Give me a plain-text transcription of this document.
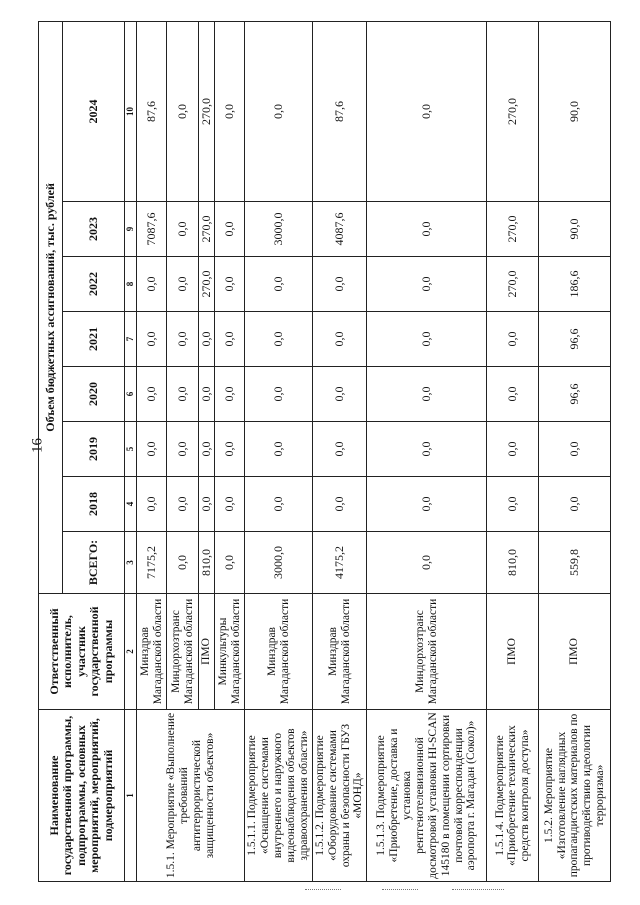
16
Наименование государственной программы, подпрограммы, основных мероприятий, мероприятий, подмероприятий	Ответственный исполнитель, участник государственной программы	Объем бюджетных ассигнований, тыс. рублей							
		ВСЕГО:	2018	2019	2020	2021	2022	2023	2024
1	2	3	4	5	6	7	8	9	10
1.5.1. Мероприятие «Выполнение требований антитеррористической защищенности объектов»	Минздрав Магаданской области	7175,2	0,0	0,0	0,0	0,0	0,0	7087,6	87,6
	Миндорхозтранс Магаданской области	0,0	0,0	0,0	0,0	0,0	0,0	0,0	0,0
	ПМО	810,0	0,0	0,0	0,0	0,0	270,0	270,0	270,0
	Минкультуры Магаданской области	0,0	0,0	0,0	0,0	0,0	0,0	0,0	0,0
1.5.1.1. Подмероприятие «Оснащение системами внутреннего и наружного видеонаблюдения объектов здравоохранения области»	Минздрав Магаданской области	3000,0	0,0	0,0	0,0	0,0	0,0	3000,0	0,0
1.5.1.2. Подмероприятие «Оборудование системами охраны и безопасности ГБУЗ «МОНД»	Минздрав Магаданской области	4175,2	0,0	0,0	0,0	0,0	0,0	4087,6	87,6
1.5.1.3. Подмероприятие «Приобретение, доставка и установка рентгенотелевизионной досмотровой установки HI-SCAN 145180 в помещении сортировки почтовой корреспонденции аэропорта г. Магадан (Сокол)»	Миндорхозтранс Магаданской области	0,0	0,0	0,0	0,0	0,0	0,0	0,0	0,0
1.5.1.4. Подмероприятие «Приобретение технических средств контроля доступа»	ПМО	810,0	0,0	0,0	0,0	0,0	270,0	270,0	270,0
1.5.2. Мероприятие «Изготовление наглядных пропагандистских материалов по противодействию идеологии терроризма»	ПМО	559,8	0,0	0,0	96,6	96,6	186,6	90,0	90,0
